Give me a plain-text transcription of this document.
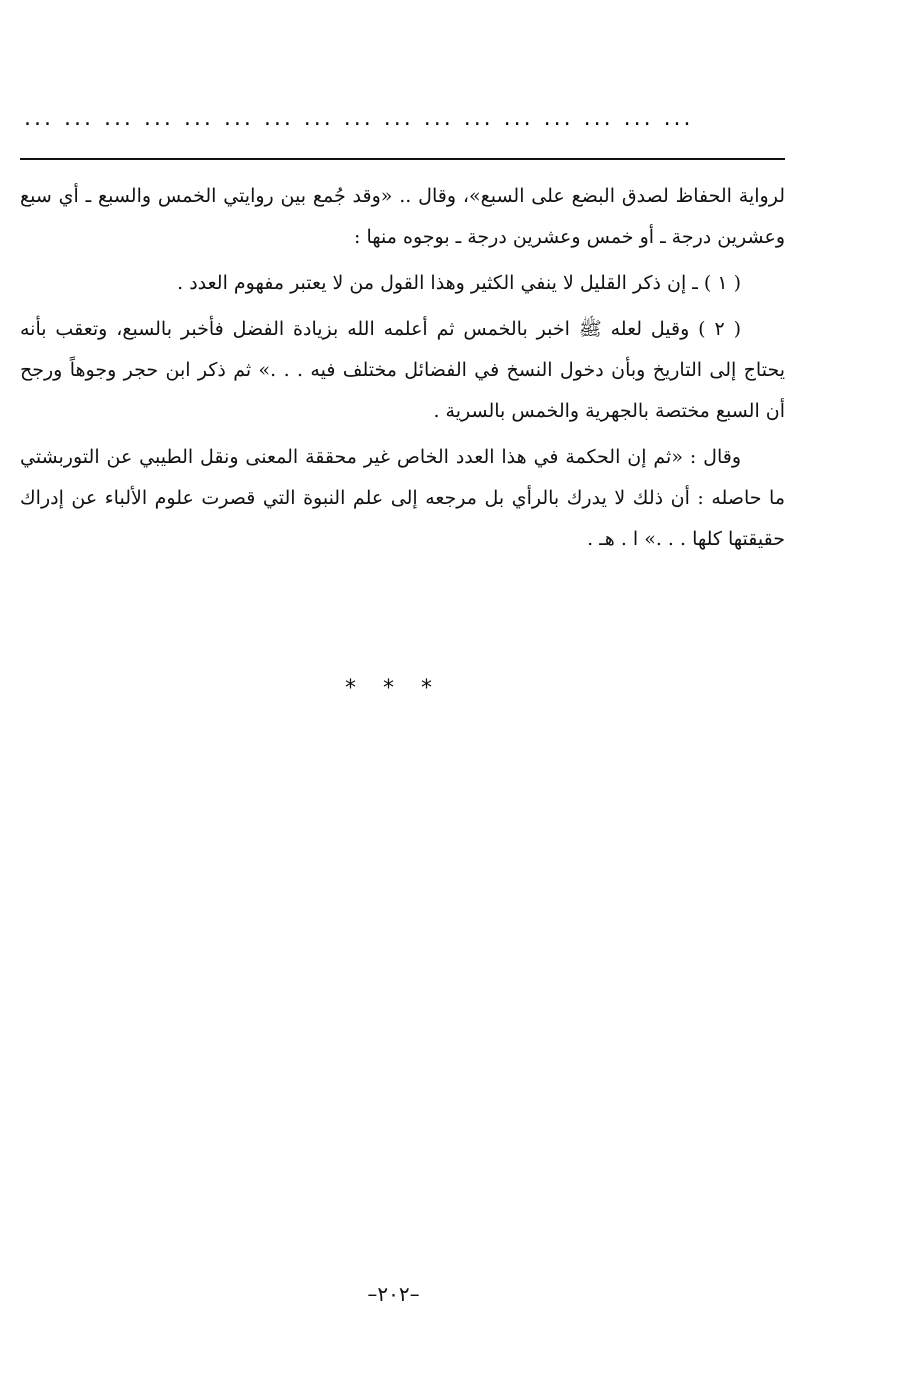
... ... ... ... ... ... ... ... ... ... ... ... ... ... ... ... ...

لرواية الحفاظ لصدق البضع على السبع»، وقال .. «وقد جُمع بين روايتي الخمس والسبع ـ أي سبع وعشرين درجة ـ أو خمس وعشرين درجة ـ بوجوه منها :

( ١ ) ـ إن ذكر القليل لا ينفي الكثير وهذا القول من لا يعتبر مفهوم العدد .

( ٢ ) وقيل لعله ﷺ اخبر بالخمس ثم أعلمه الله بزيادة الفضل فأخبر بالسبع، وتعقب بأنه يحتاج إلى التاريخ وبأن دخول النسخ في الفضائل مختلف فيه . . .» ثم ذكر ابن حجر وجوهاً ورجح أن السبع مختصة بالجهرية والخمس بالسرية .

وقال : «ثم إن الحكمة في هذا العدد الخاص غير محققة المعنى ونقل الطيبي عن التوربشتي ما حاصله : أن ذلك لا يدرك بالرأي بل مرجعه إلى علم النبوة التي قصرت علوم الألباء عن إدراك حقيقتها كلها . . .» ا . هـ .

* * *
–٢٠٢–
